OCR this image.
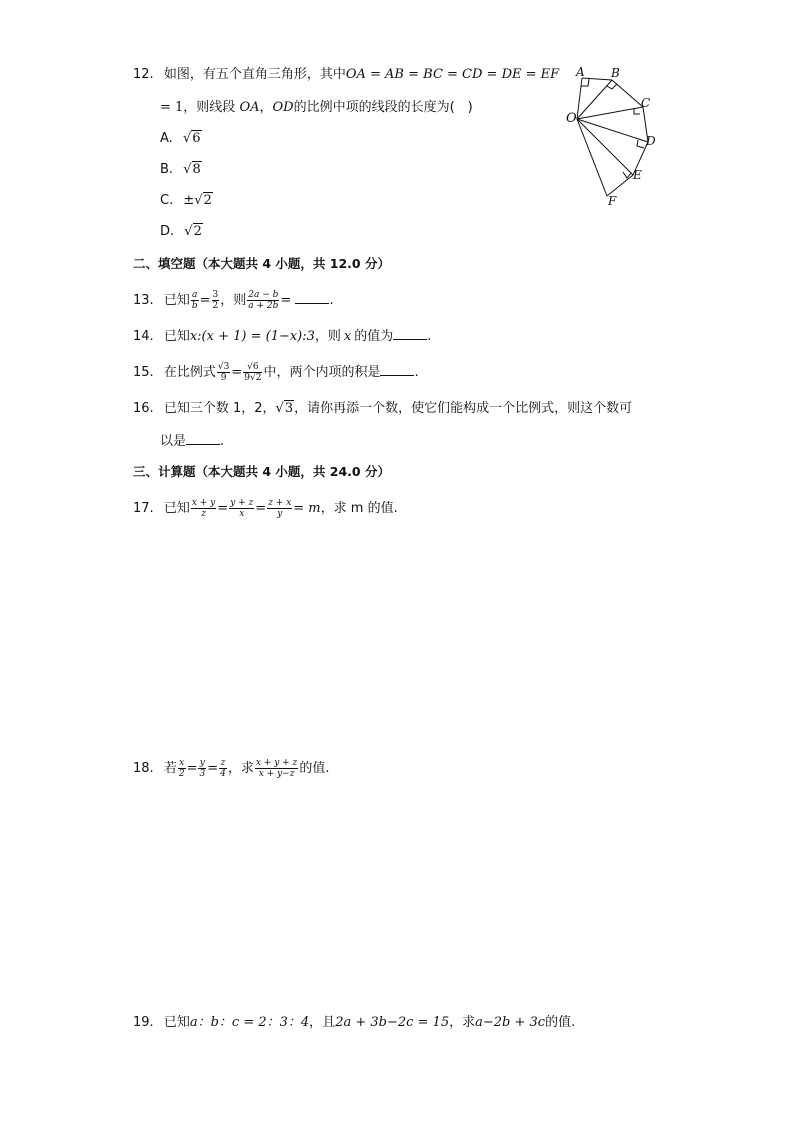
12. 如图，有五个直角三角形，其中OA = AB = BC = CD = DE = EF
= 1，则线段 OA，OD的比例中项的线段的长度为(　)
A. √6
B. √8
C. ±√2
D. √2
A B
C
O
D
E
F
二、填空题（本大题共 4 小题，共 12.0 分）
13. 已知 $\frac{a}{b} = \frac{3}{2}$ ，则 $\frac{2a - b}{a + 2b}$ =	.
14. 已知x:(x + 1) = (1−x):3，则 x 的值为	.
15. 在比例式 $\frac{√3}{9} = \frac{√6}{9√2}$ 中，两个内项的积是	.
16. 已知三个数 1，2，√3，请你再添一个数，使它们能构成一个比例式，则这个数可
以是	.
三、计算题（本大题共 4 小题，共 24.0 分）
17. 已知 $\frac{x + y}{z} = \frac{y + z}{x} = \frac{z + x}{y} = m$，求 m 的值.
18. 若 $\frac{x}{2} = \frac{y}{3} = \frac{z}{4}$ ，求 $\frac{x + y + z}{x + y-z}$ 的值.
19. 已知a：b：c = 2：3：4，且2a + 3b−2c = 15，求a−2b + 3c的值.
